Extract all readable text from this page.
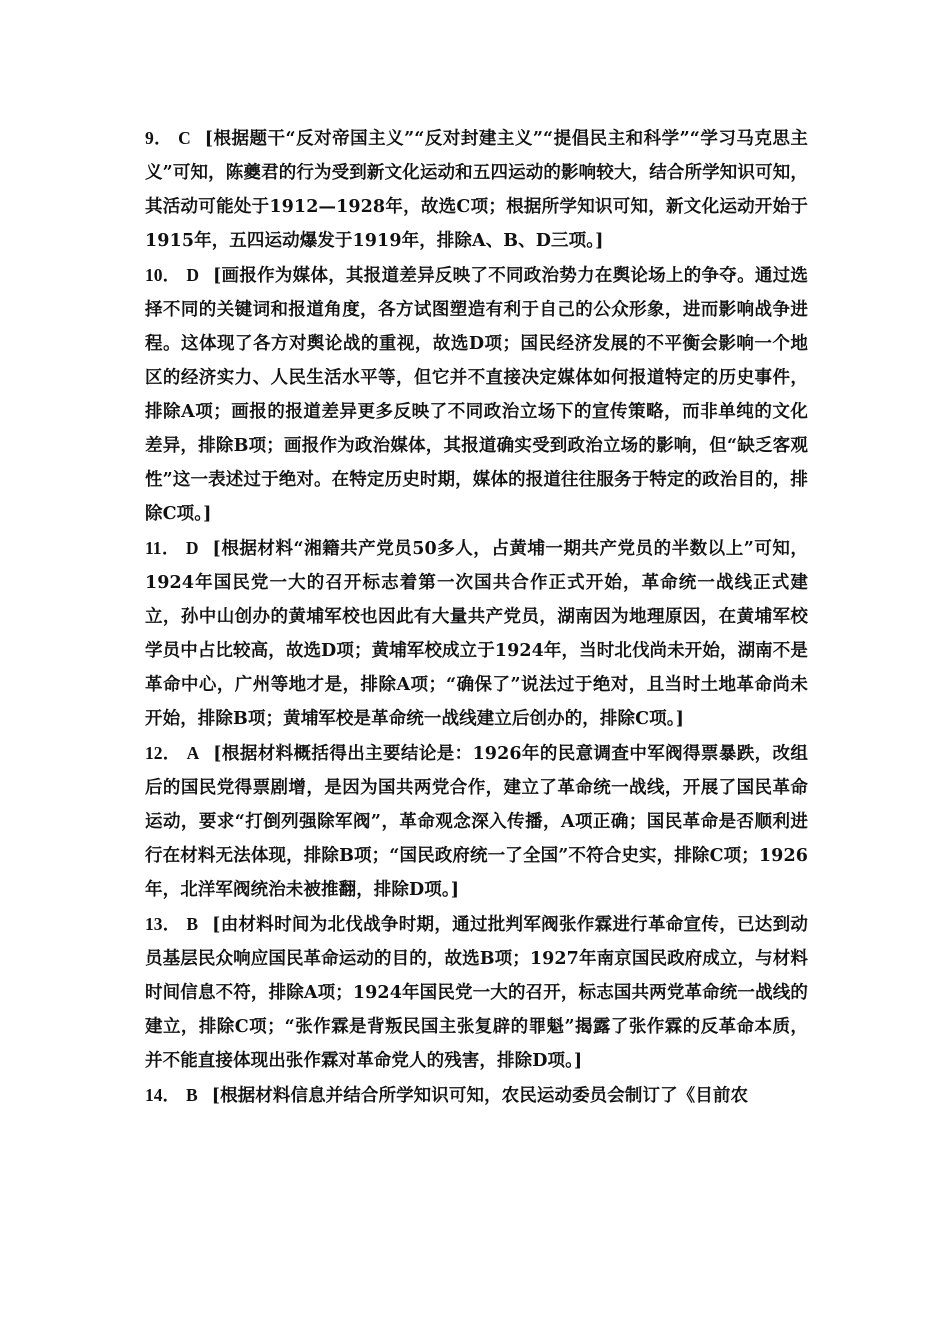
9． C [根据题干“反对帝国主义”“反对封建主义”“提倡民主和科学”“学习马克思主义”可知，陈夔君的行为受到新文化运动和五四运动的影响较大，结合所学知识可知，其活动可能处于1912—1928年，故选C项；根据所学知识可知，新文化运动开始于1915年，五四运动爆发于1919年，排除A、B、D三项。]

10． D [画报作为媒体，其报道差异反映了不同政治势力在舆论场上的争夺。通过选择不同的关键词和报道角度，各方试图塑造有利于自己的公众形象，进而影响战争进程。这体现了各方对舆论战的重视，故选D项；国民经济发展的不平衡会影响一个地区的经济实力、人民生活水平等，但它并不直接决定媒体如何报道特定的历史事件，排除A项；画报的报道差异更多反映了不同政治立场下的宣传策略，而非单纯的文化差异，排除B项；画报作为政治媒体，其报道确实受到政治立场的影响，但“缺乏客观性”这一表述过于绝对。在特定历史时期，媒体的报道往往服务于特定的政治目的，排除C项。]

11． D [根据材料“湘籍共产党员50多人，占黄埔一期共产党员的半数以上”可知，1924年国民党一大的召开标志着第一次国共合作正式开始，革命统一战线正式建立，孙中山创办的黄埔军校也因此有大量共产党员，湖南因为地理原因，在黄埔军校学员中占比较高，故选D项；黄埔军校成立于1924年，当时北伐尚未开始，湖南不是革命中心，广州等地才是，排除A项；“确保了”说法过于绝对，且当时土地革命尚未开始，排除B项；黄埔军校是革命统一战线建立后创办的，排除C项。]

12． A [根据材料概括得出主要结论是：1926年的民意调查中军阀得票暴跌，改组后的国民党得票剧增，是因为国共两党合作，建立了革命统一战线，开展了国民革命运动，要求“打倒列强除军阀”，革命观念深入传播，A项正确；国民革命是否顺利进行在材料无法体现，排除B项；“国民政府统一了全国”不符合史实，排除C项；1926年，北洋军阀统治未被推翻，排除D项。]

13． B [由材料时间为北伐战争时期，通过批判军阀张作霖进行革命宣传，已达到动员基层民众响应国民革命运动的目的，故选B项；1927年南京国民政府成立，与材料时间信息不符，排除A项；1924年国民党一大的召开，标志国共两党革命统一战线的建立，排除C项；“张作霖是背叛民国主张复辟的罪魁”揭露了张作霖的反革命本质，并不能直接体现出张作霖对革命党人的残害，排除D项。]

14． B [根据材料信息并结合所学知识可知，农民运动委员会制订了《目前农
